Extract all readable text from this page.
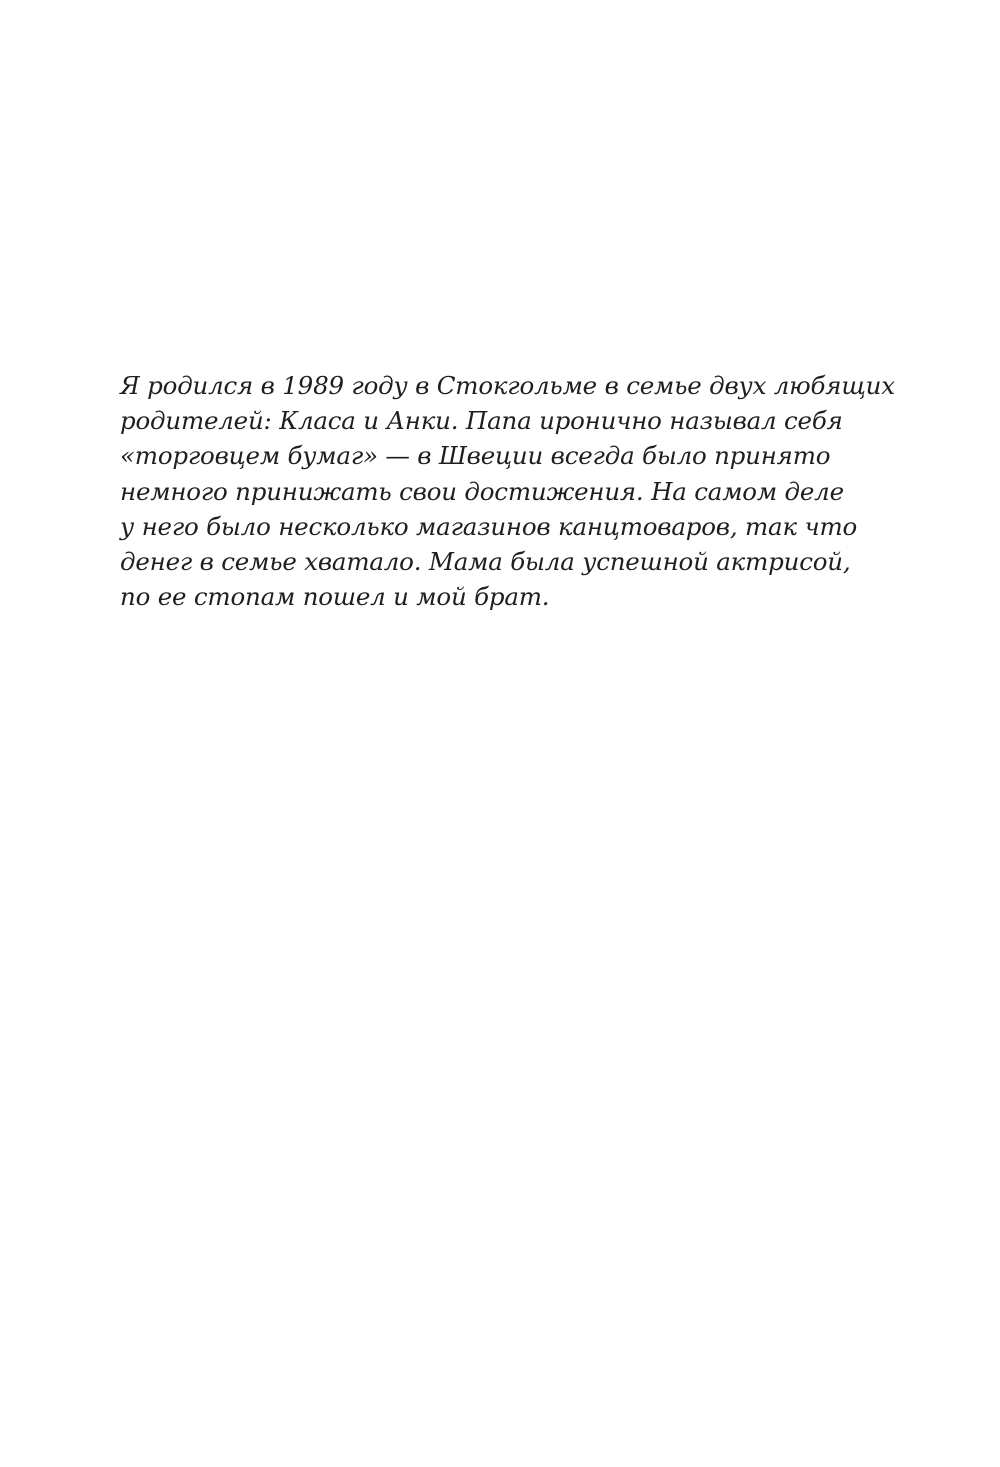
Я родился в 1989 году в Стокгольме в семье двух любящих
родителей: Класа и Анки. Папа иронично называл себя
«торговцем бумаг» — в Швеции всегда было принято
немного принижать свои достижения. На самом деле
у него было несколько магазинов канцтоваров, так что
денег в семье хватало. Мама была успешной актрисой,
по ее стопам пошел и мой брат.
